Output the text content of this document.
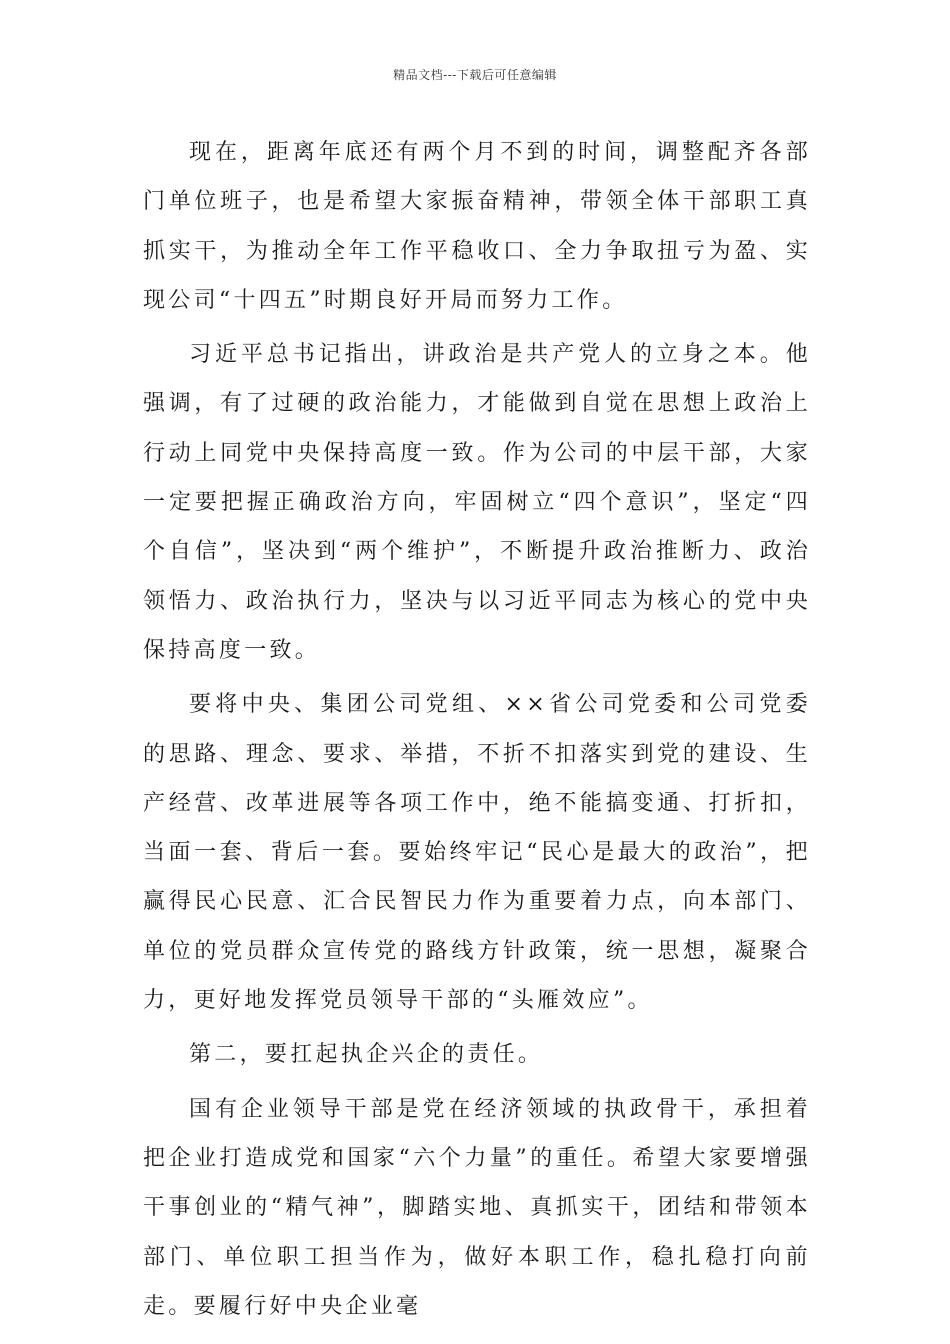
精品文档---下载后可任意编辑

现在，距离年底还有两个月不到的时间，调整配齐各部门单位班子，也是希望大家振奋精神，带领全体干部职工真抓实干，为推动全年工作平稳收口、全力争取扭亏为盈、实现公司“十四五”时期良好开局而努力工作。

习近平总书记指出，讲政治是共产党人的立身之本。他强调，有了过硬的政治能力，才能做到自觉在思想上政治上行动上同党中央保持高度一致。作为公司的中层干部，大家一定要把握正确政治方向，牢固树立“四个意识”，坚定“四个自信”，坚决到“两个维护”，不断提升政治推断力、政治领悟力、政治执行力，坚决与以习近平同志为核心的党中央保持高度一致。

要将中央、集团公司党组、××省公司党委和公司党委的思路、理念、要求、举措，不折不扣落实到党的建设、生产经营、改革进展等各项工作中，绝不能搞变通、打折扣，当面一套、背后一套。要始终牢记“民心是最大的政治”，把赢得民心民意、汇合民智民力作为重要着力点，向本部门、单位的党员群众宣传党的路线方针政策，统一思想，凝聚合力，更好地发挥党员领导干部的“头雁效应”。

第二，要扛起执企兴企的责任。

国有企业领导干部是党在经济领域的执政骨干，承担着把企业打造成党和国家“六个力量”的重任。希望大家要增强干事创业的“精气神”，脚踏实地、真抓实干，团结和带领本部门、单位职工担当作为，做好本职工作，稳扎稳打向前走。要履行好中央企业毫
